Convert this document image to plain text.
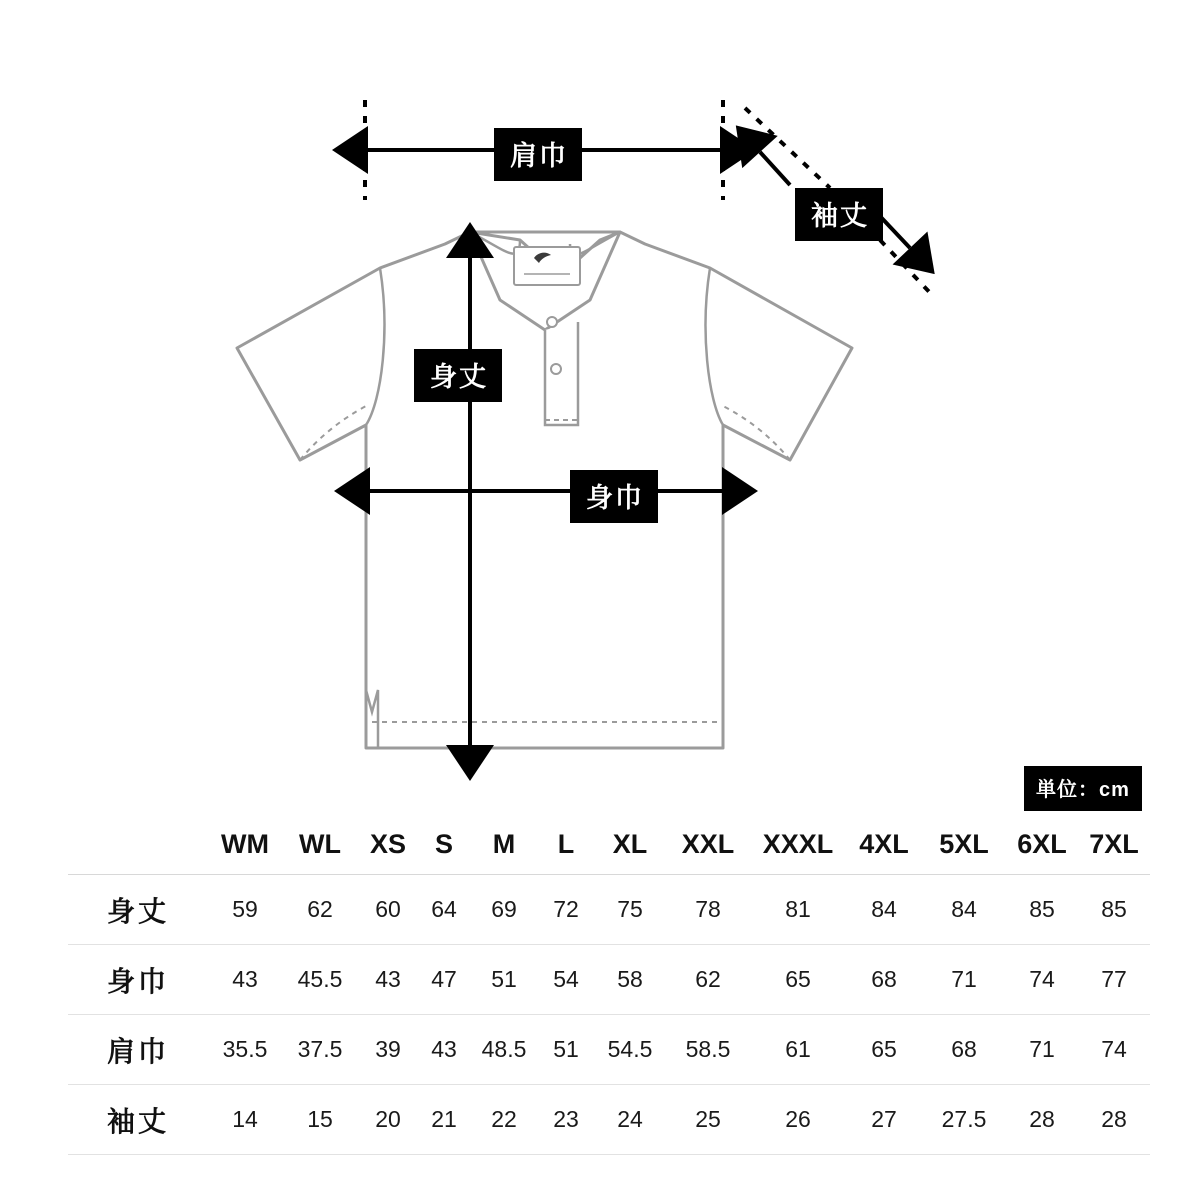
肩巾
袖丈
身丈
身巾
単位：cm
	WM	WL	XS	S	M	L	XL	XXL	XXXL	4XL	5XL	6XL	7XL
身丈	59	62	60	64	69	72	75	78	81	84	84	85	85
身巾	43	45.5	43	47	51	54	58	62	65	68	71	74	77
肩巾	35.5	37.5	39	43	48.5	51	54.5	58.5	61	65	68	71	74
袖丈	14	15	20	21	22	23	24	25	26	27	27.5	28	28
